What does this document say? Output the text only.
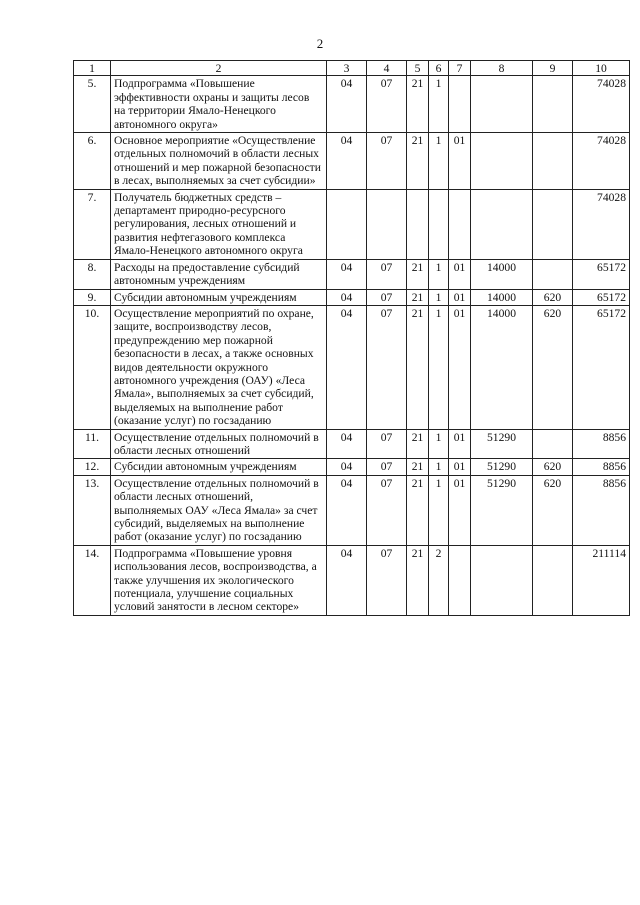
2
1	2	3	4	5	6	7	8	9	10
5.	Подпрограмма «Повышение эффективности охраны и защиты лесов на территории Ямало-Ненецкого автономного округа»	04	07	21	1				74028
6.	Основное мероприятие «Осуществление отдельных полномочий в области лесных отношений и мер пожарной безопасности в лесах, выполняемых за счет субсидии»	04	07	21	1	01			74028
7.	Получатель бюджетных средств – департамент природно-ресурсного регулирования, лесных отношений и развития нефтегазового комплекса Ямало-Ненецкого автономного округа								74028
8.	Расходы на предоставление субсидий автономным учреждениям	04	07	21	1	01	14000		65172
9.	Субсидии автономным учреждениям	04	07	21	1	01	14000	620	65172
10.	Осуществление мероприятий по охране, защите, воспроизводству лесов, предупреждению мер пожарной безопасности в лесах, а также основных видов деятельности окружного автономного учреждения (ОАУ) «Леса Ямала», выполняемых за счет субсидий, выделяемых на выполнение работ (оказание услуг) по госзаданию	04	07	21	1	01	14000	620	65172
11.	Осуществление отдельных полномочий в области лесных отношений	04	07	21	1	01	51290		8856
12.	Субсидии автономным учреждениям	04	07	21	1	01	51290	620	8856
13.	Осуществление отдельных полномочий в области лесных отношений, выполняемых ОАУ «Леса Ямала» за счет субсидий, выделяемых на выполнение работ (оказание услуг) по госзаданию	04	07	21	1	01	51290	620	8856
14.	Подпрограмма «Повышение уровня использования лесов, воспроизводства, а также улучшения их экологического потенциала, улучшение социальных условий занятости в лесном секторе»	04	07	21	2				211114
